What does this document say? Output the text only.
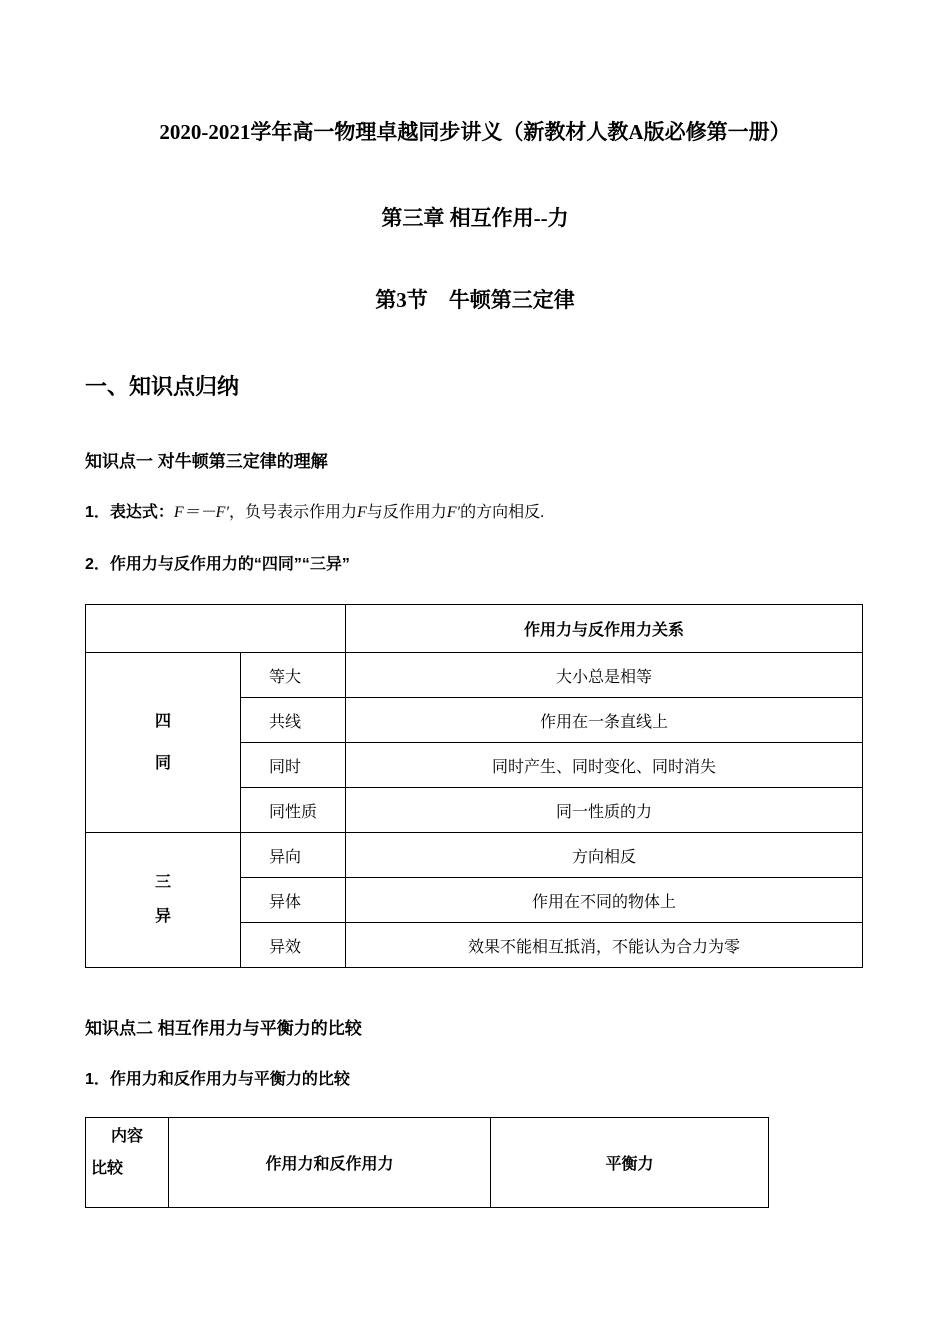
2020-2021学年高一物理卓越同步讲义（新教材人教A版必修第一册）
第三章 相互作用--力
第3节　牛顿第三定律
一、知识点归纳
知识点一 对牛顿第三定律的理解

1．表达式：F＝－F′，负号表示作用力F与反作用力F′的方向相反.

2．作用力与反作用力的“四同”“三异”

		作用力与反作用力关系

四
同	等大	大小总是相等
	共线	作用在一条直线上
	同时	同时产生、同时变化、同时消失
	同性质	同一性质的力

三
异	异向	方向相反
	异体	作用在不同的物体上
	异效	效果不能相互抵消，不能认为合力为零
知识点二 相互作用力与平衡力的比较

1．作用力和反作用力与平衡力的比较

内容
比较	作用力和反作用力	平衡力
